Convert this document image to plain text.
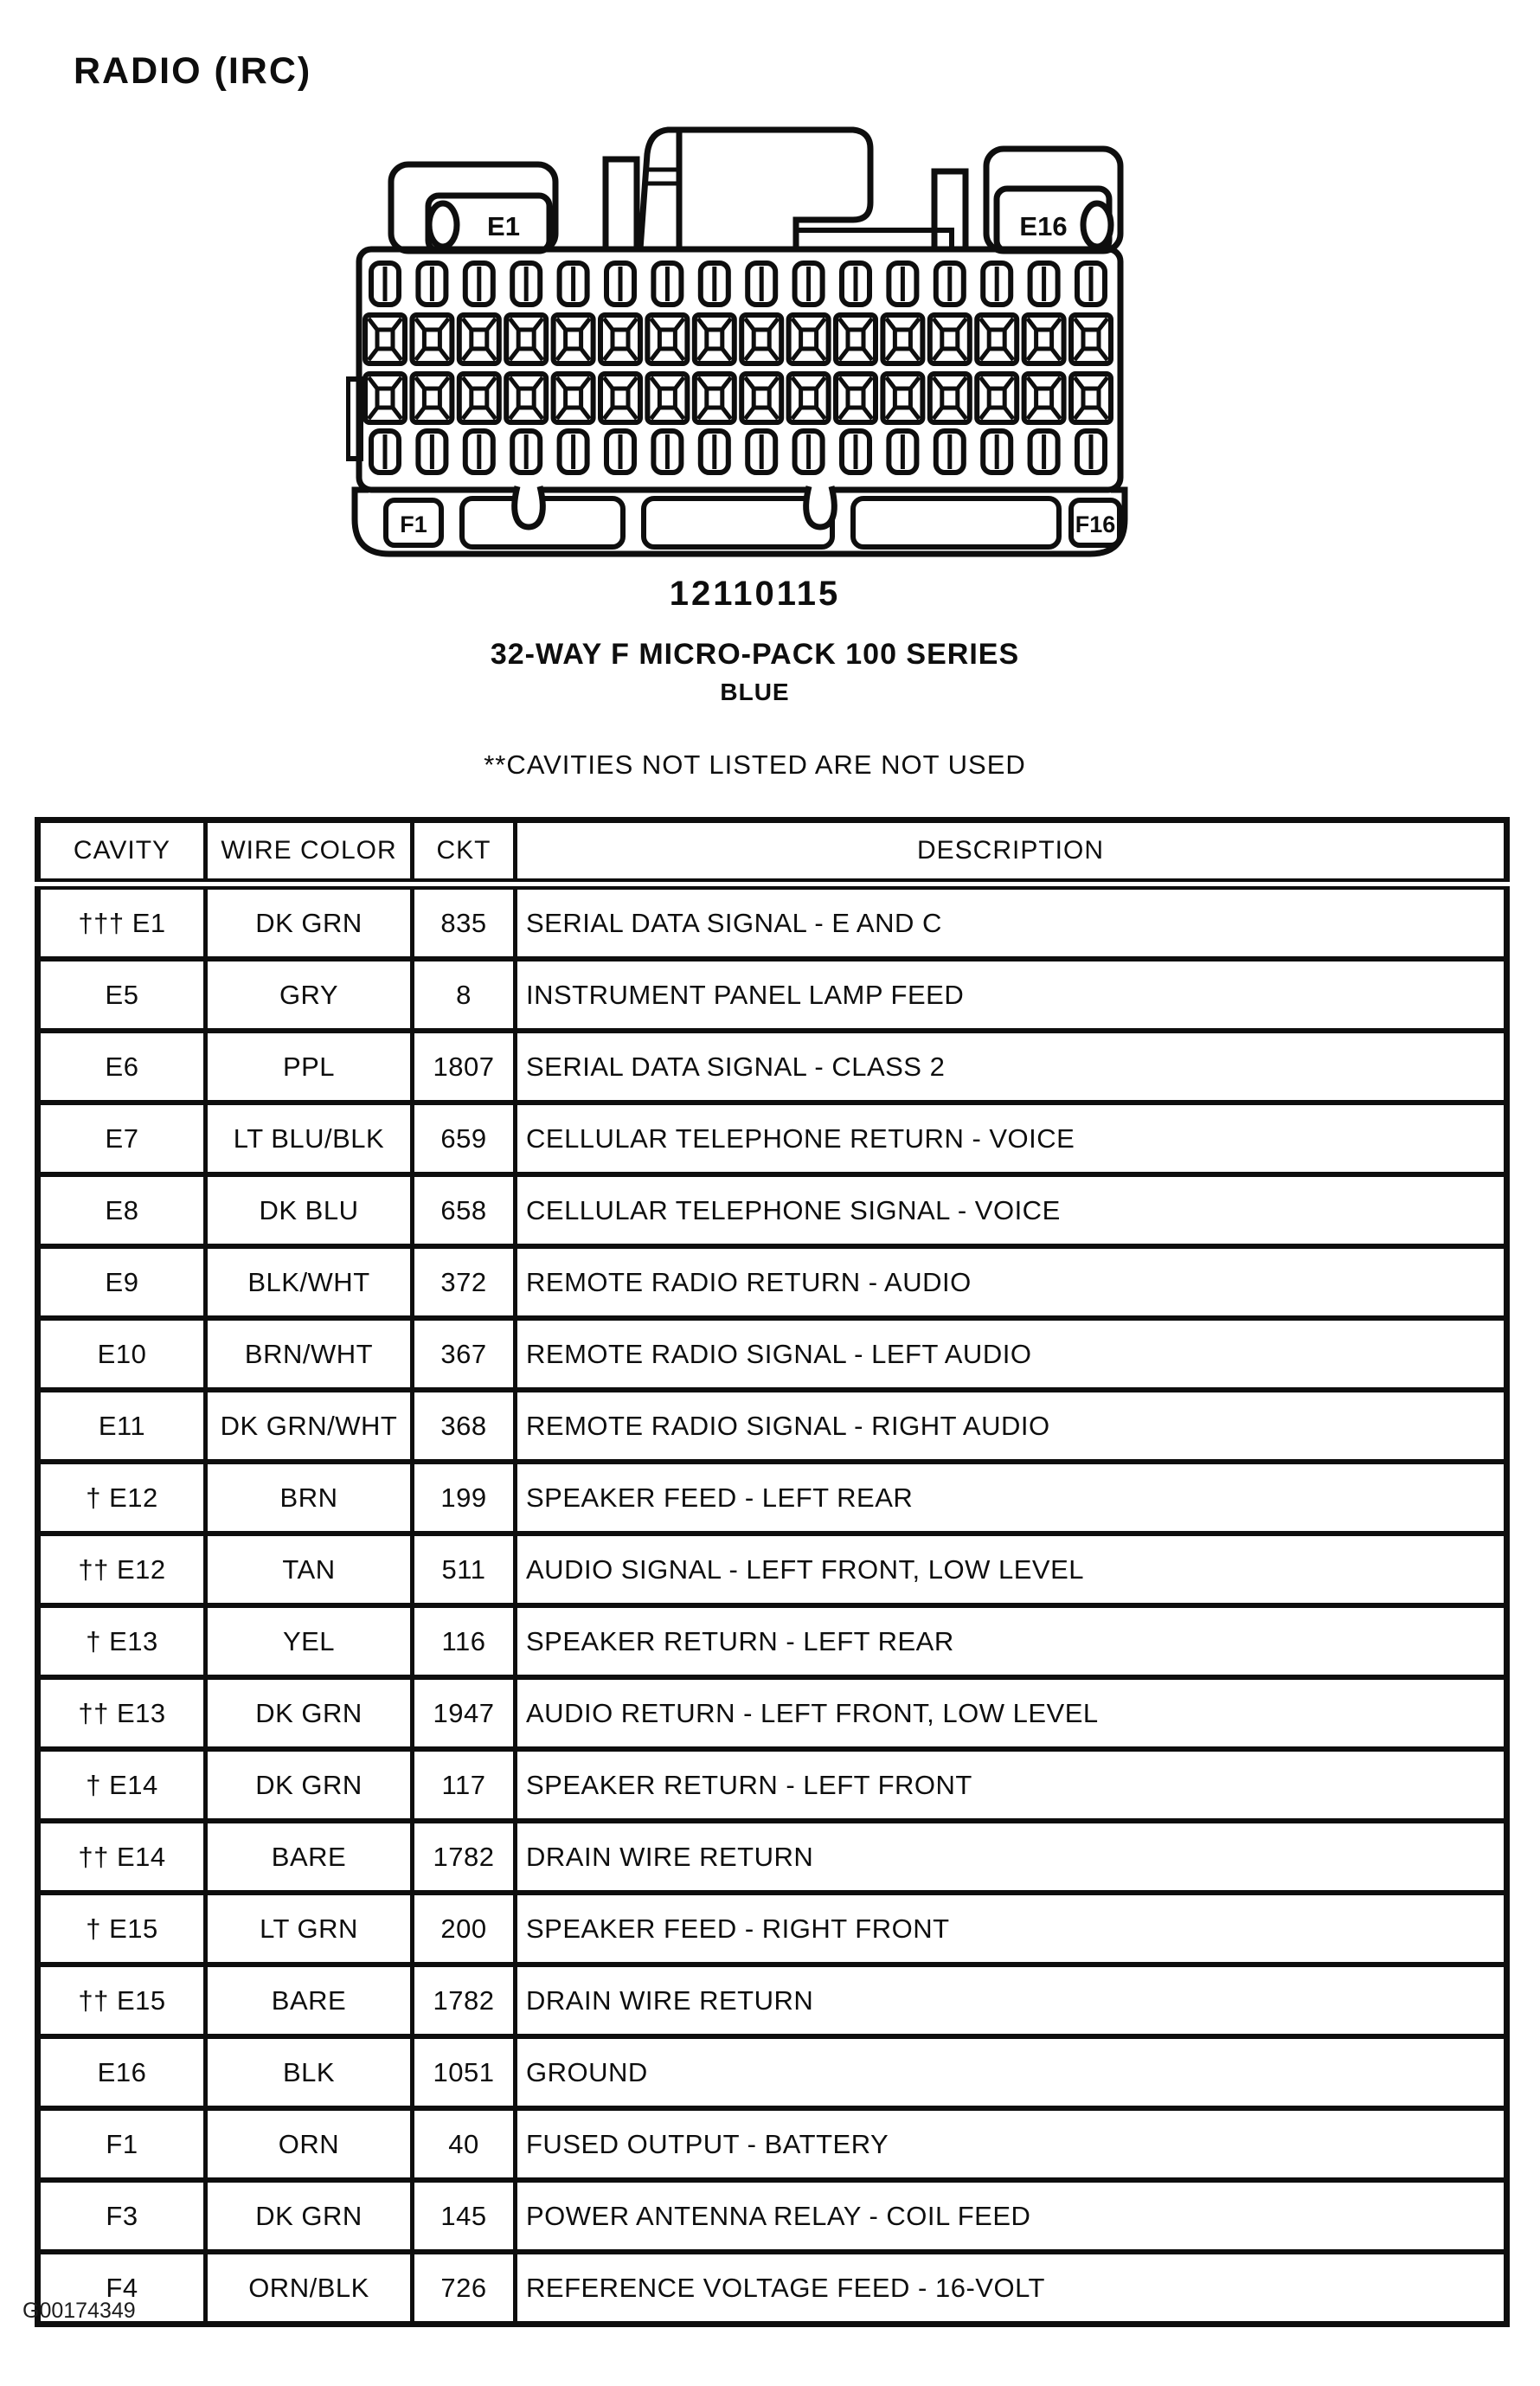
RADIO (IRC)
E1	E16
F1	F16
12110115
32-WAY F MICRO-PACK 100 SERIES
BLUE
**CAVITIES NOT LISTED ARE NOT USED
CAVITY	WIRE COLOR	CKT	DESCRIPTION
††† E1	DK GRN	835	SERIAL DATA SIGNAL - E AND C
E5	GRY	8	INSTRUMENT PANEL LAMP FEED
E6	PPL	1807	SERIAL DATA SIGNAL - CLASS 2
E7	LT BLU/BLK	659	CELLULAR TELEPHONE RETURN - VOICE
E8	DK BLU	658	CELLULAR TELEPHONE SIGNAL - VOICE
E9	BLK/WHT	372	REMOTE RADIO RETURN - AUDIO
E10	BRN/WHT	367	REMOTE RADIO SIGNAL - LEFT AUDIO
E11	DK GRN/WHT	368	REMOTE RADIO SIGNAL - RIGHT AUDIO
† E12	BRN	199	SPEAKER FEED - LEFT REAR
†† E12	TAN	511	AUDIO SIGNAL - LEFT FRONT, LOW LEVEL
† E13	YEL	116	SPEAKER RETURN - LEFT REAR
†† E13	DK GRN	1947	AUDIO RETURN - LEFT FRONT, LOW LEVEL
† E14	DK GRN	117	SPEAKER RETURN - LEFT FRONT
†† E14	BARE	1782	DRAIN WIRE RETURN
† E15	LT GRN	200	SPEAKER FEED - RIGHT FRONT
†† E15	BARE	1782	DRAIN WIRE RETURN
E16	BLK	1051	GROUND
F1	ORN	40	FUSED OUTPUT - BATTERY
F3	DK GRN	145	POWER ANTENNA RELAY - COIL FEED
F4	ORN/BLK	726	REFERENCE VOLTAGE FEED - 16-VOLT
G00174349
